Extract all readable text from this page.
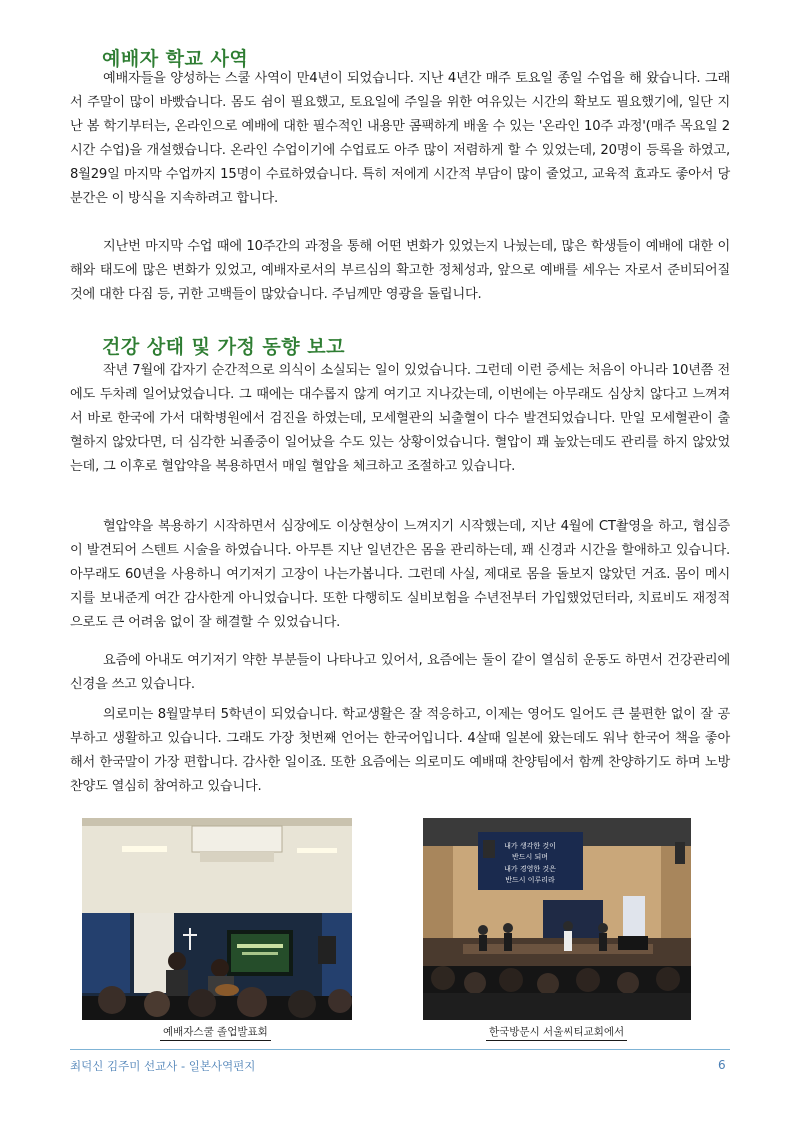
예배자 학교 사역

예배자들을 양성하는 스쿨 사역이 만4년이 되었습니다. 지난 4년간 매주 토요일 종일 수업을 해 왔습니다. 그래서 주말이 많이 바빴습니다. 몸도 쉼이 필요했고, 토요일에 주일을 위한 여유있는 시간의 확보도 필요했기에, 일단 지난 봄 학기부터는, 온라인으로 예배에 대한 필수적인 내용만 콤팩하게 배울 수 있는 '온라인 10주 과정'(매주 목요일 2시간 수업)을 개설했습니다. 온라인 수업이기에 수업료도 아주 많이 저렴하게 할 수 있었는데, 20명이 등록을 하였고, 8월29일 마지막 수업까지 15명이 수료하였습니다. 특히 저에게 시간적 부담이 많이 줄었고, 교육적 효과도 좋아서 당분간은 이 방식을 지속하려고 합니다.

지난번 마지막 수업 때에 10주간의 과정을 통해 어떤 변화가 있었는지 나눴는데, 많은 학생들이 예배에 대한 이해와 태도에 많은 변화가 있었고, 예배자로서의 부르심의 확고한 정체성과, 앞으로 예배를 세우는 자로서 준비되어질 것에 대한 다짐 등, 귀한 고백들이 많았습니다. 주님께만 영광을 돌립니다.

건강 상태 및 가정 동향 보고

작년 7월에 갑자기 순간적으로 의식이 소실되는 일이 있었습니다. 그런데 이런 증세는 처음이 아니라 10년쯤 전에도 두차례 일어났었습니다. 그 때에는 대수롭지 않게 여기고 지나갔는데, 이번에는 아무래도 심상치 않다고 느껴져서 바로 한국에 가서 대학병원에서 검진을 하였는데, 모세혈관의 뇌출혈이 다수 발견되었습니다. 만일 모세혈관이 출혈하지 않았다면, 더 심각한 뇌졸중이 일어났을 수도 있는 상황이었습니다. 혈압이 꽤 높았는데도 관리를 하지 않았었는데, 그 이후로 혈압약을 복용하면서 매일 혈압을 체크하고 조절하고 있습니다.

혈압약을 복용하기 시작하면서 심장에도 이상현상이 느껴지기 시작했는데, 지난 4월에 CT촬영을 하고, 협심증이 발견되어 스텐트 시술을 하였습니다. 아무튼 지난 일년간은 몸을 관리하는데, 꽤 신경과 시간을 할애하고 있습니다. 아무래도 60년을 사용하니 여기저기 고장이 나는가봅니다. 그런데 사실, 제대로 몸을 돌보지 않았던 거죠. 몸이 메시지를 보내준게 여간 감사한게 아니었습니다. 또한 다행히도 실비보험을 수년전부터 가입했었던터라, 치료비도 재정적으로도 큰 어려움 없이 잘 해결할 수 있었습니다.

요즘에 아내도 여기저기 약한 부분들이 나타나고 있어서, 요즘에는 둘이 같이 열심히 운동도 하면서 건강관리에 신경을 쓰고 있습니다.

의로미는 8월말부터 5학년이 되었습니다. 학교생활은 잘 적응하고, 이제는 영어도 일어도 큰 불편한 없이 잘 공부하고 생활하고 있습니다. 그래도 가장 첫번째 언어는 한국어입니다. 4살때 일본에 왔는데도 워낙 한국어 책을 좋아해서 한국말이 가장 편합니다. 감사한 일이죠. 또한 요즘에는 의로미도 예배때 찬양팀에서 함께 찬양하기도 하며 노방찬양도 열심히 참여하고 있습니다.

예배자스쿨 졸업발표회
내가 생각한 것이
반드시 되며
내가 경영한 것은
반드시 이루리라
한국방문시 서울씨티교회에서
최덕신 김주미 선교사 - 일본사역편지	6
